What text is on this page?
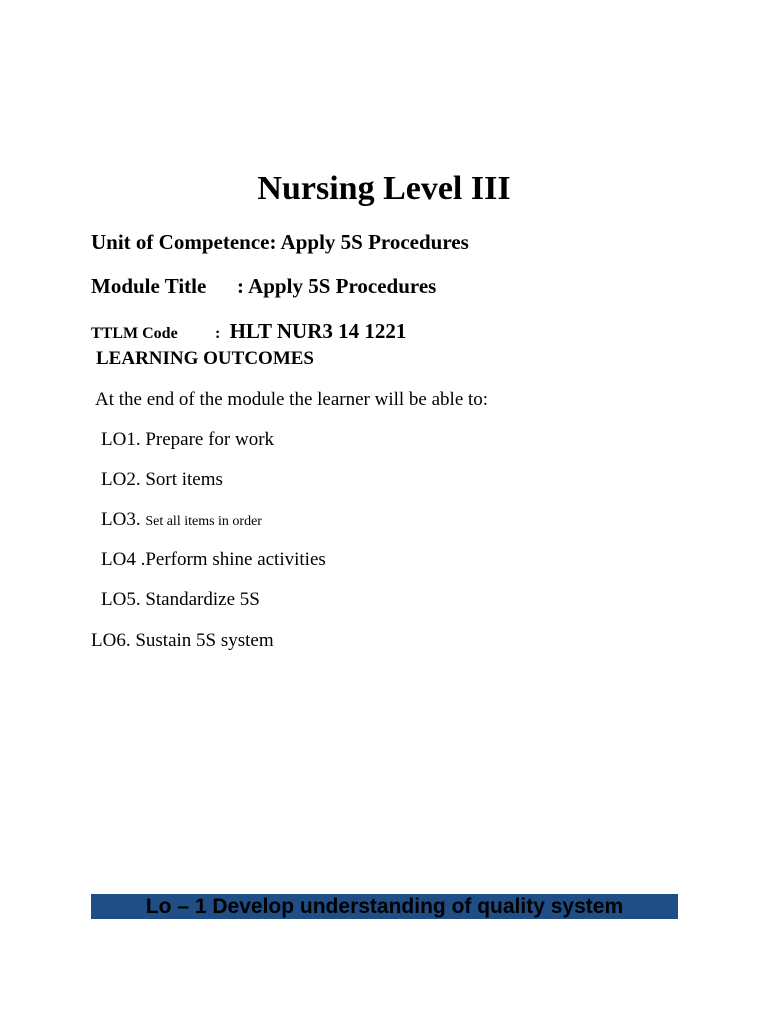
Nursing Level III
Unit of Competence: Apply 5S Procedures
Module Title : Apply 5S Procedures
TTLM Code : HLT NUR3 14 1221
LEARNING OUTCOMES
At the end of the module the learner will be able to:
LO1. Prepare for work
LO2. Sort items
LO3. Set all items in order
LO4 .Perform shine activities
LO5. Standardize 5S
LO6. Sustain 5S system
Lo – 1 Develop understanding of quality system
